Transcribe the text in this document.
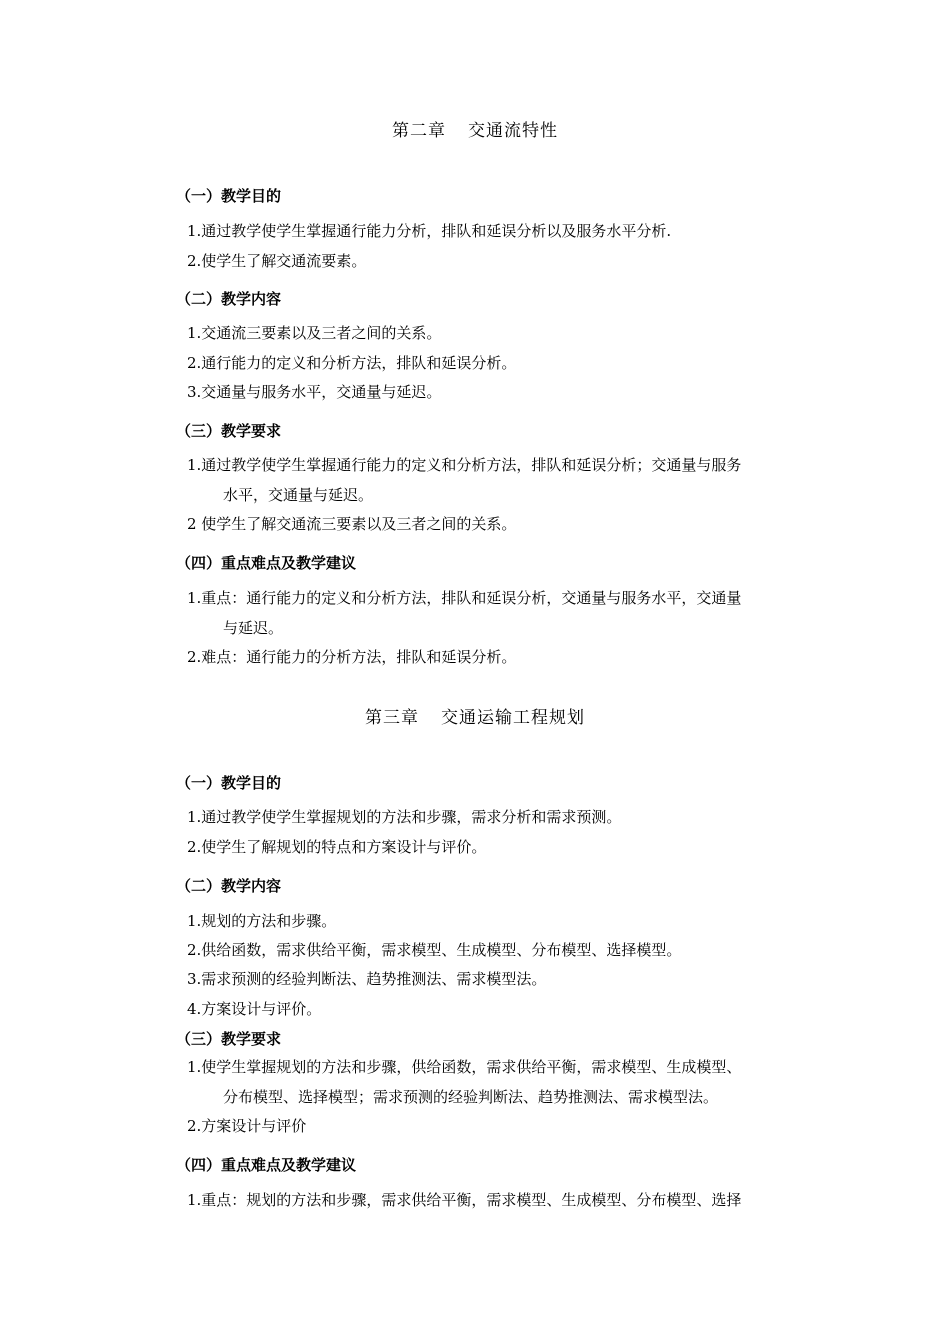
第二章 交通流特性
（一）教学目的
1.通过教学使学生掌握通行能力分析，排队和延误分析以及服务水平分析.
2.使学生了解交通流要素。
（二）教学内容
1.交通流三要素以及三者之间的关系。
2.通行能力的定义和分析方法，排队和延误分析。
3.交通量与服务水平，交通量与延迟。
（三）教学要求
1.通过教学使学生掌握通行能力的定义和分析方法，排队和延误分析；交通量与服务
水平，交通量与延迟。
2 使学生了解交通流三要素以及三者之间的关系。
（四）重点难点及教学建议
1.重点：通行能力的定义和分析方法，排队和延误分析，交通量与服务水平，交通量
与延迟。
2.难点：通行能力的分析方法，排队和延误分析。
第三章 交通运输工程规划
（一）教学目的
1.通过教学使学生掌握规划的方法和步骤，需求分析和需求预测。
2.使学生了解规划的特点和方案设计与评价。
（二）教学内容
1.规划的方法和步骤。
2.供给函数，需求供给平衡，需求模型、生成模型、分布模型、选择模型。
3.需求预测的经验判断法、趋势推测法、需求模型法。
4.方案设计与评价。
（三）教学要求
1.使学生掌握规划的方法和步骤，供给函数，需求供给平衡，需求模型、生成模型、
分布模型、选择模型；需求预测的经验判断法、趋势推测法、需求模型法。
2.方案设计与评价
（四）重点难点及教学建议
1.重点：规划的方法和步骤，需求供给平衡，需求模型、生成模型、分布模型、选择
